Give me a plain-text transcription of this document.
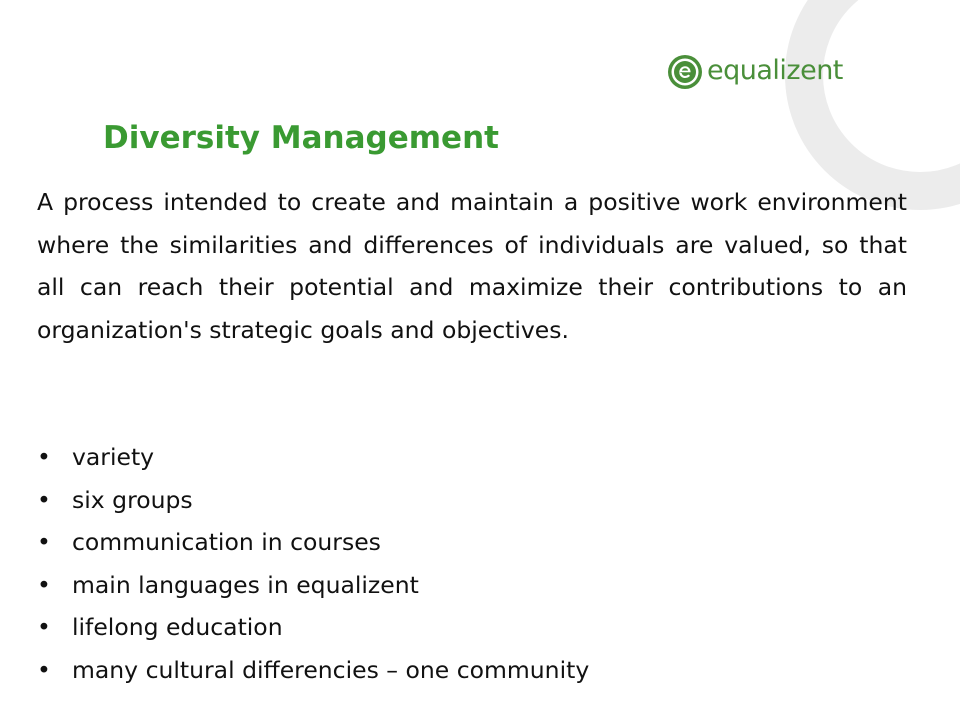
equalizent
Diversity Management

A process intended to create and maintain a positive work environment where the similarities and differences of individuals are valued, so that all can reach their potential and maximize their contributions to an organization's strategic goals and objectives.

• variety
• six groups
• communication in courses
• main languages in equalizent
• lifelong education
• many cultural differencies – one community
